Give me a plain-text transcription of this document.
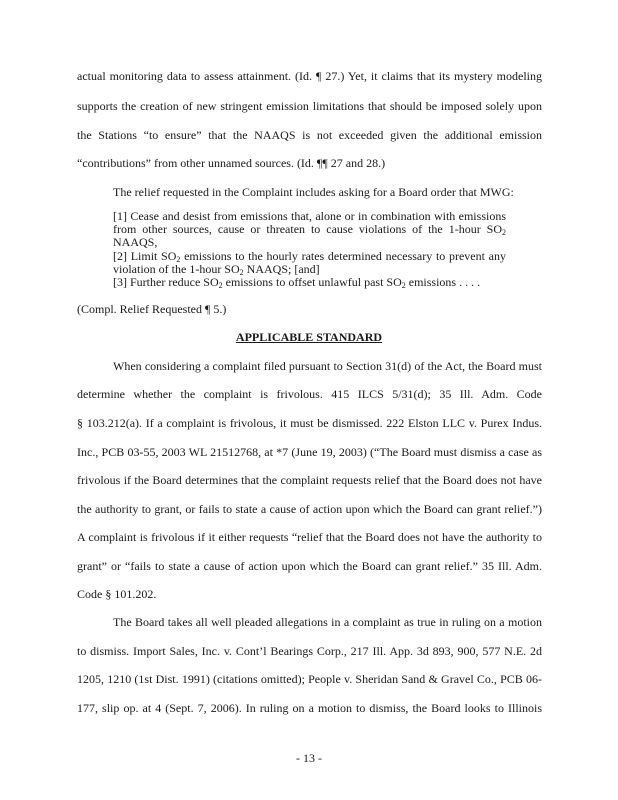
actual monitoring data to assess attainment. (Id. ¶ 27.) Yet, it claims that its mystery modeling
supports the creation of new stringent emission limitations that should be imposed solely upon
the Stations “to ensure” that the NAAQS is not exceeded given the additional emission
“contributions” from other unnamed sources. (Id. ¶¶ 27 and 28.)
The relief requested in the Complaint includes asking for a Board order that MWG:
[1] Cease and desist from emissions that, alone or in combination with emissions
from other sources, cause or threaten to cause violations of the 1-hour $SO_2$
NAAQS,
[2] Limit $SO_2$ emissions to the hourly rates determined necessary to prevent any
violation of the 1-hour $SO_2$ NAAQS; [and]
[3] Further reduce $SO_2$ emissions to offset unlawful past $SO_2$ emissions . . . .
(Compl. Relief Requested ¶ 5.)
APPLICABLE STANDARD
When considering a complaint filed pursuant to Section 31(d) of the Act, the Board must
determine whether the complaint is frivolous. 415 ILCS 5/31(d); 35 Ill. Adm. Code
§ 103.212(a). If a complaint is frivolous, it must be dismissed. 222 Elston LLC v. Purex Indus.
Inc., PCB 03-55, 2003 WL 21512768, at *7 (June 19, 2003) (“The Board must dismiss a case as
frivolous if the Board determines that the complaint requests relief that the Board does not have
the authority to grant, or fails to state a cause of action upon which the Board can grant relief.”)
A complaint is frivolous if it either requests “relief that the Board does not have the authority to
grant” or “fails to state a cause of action upon which the Board can grant relief.” 35 Ill. Adm.
Code § 101.202.
The Board takes all well pleaded allegations in a complaint as true in ruling on a motion
to dismiss. Import Sales, Inc. v. Cont’l Bearings Corp., 217 Ill. App. 3d 893, 900, 577 N.E. 2d
1205, 1210 (1st Dist. 1991) (citations omitted); People v. Sheridan Sand & Gravel Co., PCB 06-
177, slip op. at 4 (Sept. 7, 2006). In ruling on a motion to dismiss, the Board looks to Illinois
- 13 -
